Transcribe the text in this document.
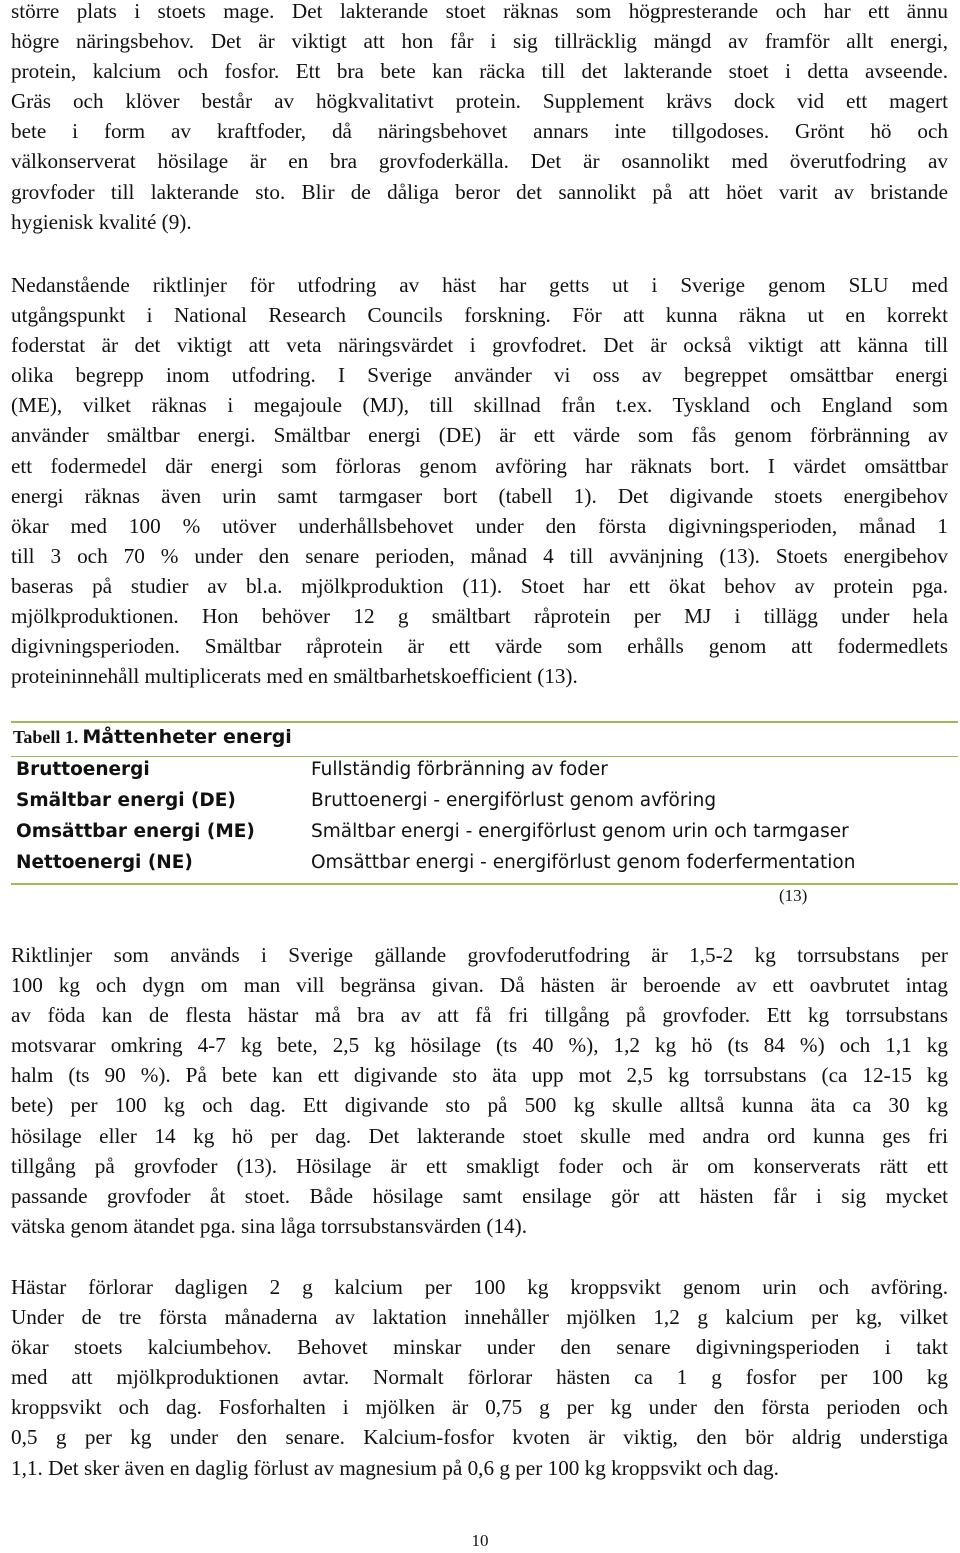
större plats i stoets mage. Det lakterande stoet räknas som högpresterande och har ett ännu
högre näringsbehov. Det är viktigt att hon får i sig tillräcklig mängd av framför allt energi,
protein, kalcium och fosfor. Ett bra bete kan räcka till det lakterande stoet i detta avseende.
Gräs och klöver består av högkvalitativt protein. Supplement krävs dock vid ett magert
bete i form av kraftfoder, då näringsbehovet annars inte tillgodoses. Grönt hö och
välkonserverat hösilage är en bra grovfoderkälla. Det är osannolikt med överutfodring av
grovfoder till lakterande sto. Blir de dåliga beror det sannolikt på att höet varit av bristande
hygienisk kvalité (9).
Nedanstående riktlinjer för utfodring av häst har getts ut i Sverige genom SLU med
utgångspunkt i National Research Councils forskning. För att kunna räkna ut en korrekt
foderstat är det viktigt att veta näringsvärdet i grovfodret. Det är också viktigt att känna till
olika begrepp inom utfodring. I Sverige använder vi oss av begreppet omsättbar energi
(ME), vilket räknas i megajoule (MJ), till skillnad från t.ex. Tyskland och England som
använder smältbar energi. Smältbar energi (DE) är ett värde som fås genom förbränning av
ett fodermedel där energi som förloras genom avföring har räknats bort. I värdet omsättbar
energi räknas även urin samt tarmgaser bort (tabell 1). Det digivande stoets energibehov
ökar med 100 % utöver underhållsbehovet under den första digivningsperioden, månad 1
till 3 och 70 % under den senare perioden, månad 4 till avvänjning (13). Stoets energibehov
baseras på studier av bl.a. mjölkproduktion (11). Stoet har ett ökat behov av protein pga.
mjölkproduktionen. Hon behöver 12 g smältbart råprotein per MJ i tillägg under hela
digivningsperioden. Smältbar råprotein är ett värde som erhålls genom att fodermedlets
proteininnehåll multiplicerats med en smältbarhetskoefficient (13).
Tabell 1. Måttenheter energi
Bruttoenergi	Fullständig förbränning av foder
Smältbar energi (DE)	Bruttoenergi - energiförlust genom avföring
Omsättbar energi (ME)	Smältbar energi - energiförlust genom urin och tarmgaser
Nettoenergi (NE)	Omsättbar energi - energiförlust genom foderfermentation
(13)
Riktlinjer som används i Sverige gällande grovfoderutfodring är 1,5-2 kg torrsubstans per
100 kg och dygn om man vill begränsa givan. Då hästen är beroende av ett oavbrutet intag
av föda kan de flesta hästar må bra av att få fri tillgång på grovfoder. Ett kg torrsubstans
motsvarar omkring 4-7 kg bete, 2,5 kg hösilage (ts 40 %), 1,2 kg hö (ts 84 %) och 1,1 kg
halm (ts 90 %). På bete kan ett digivande sto äta upp mot 2,5 kg torrsubstans (ca 12-15 kg
bete) per 100 kg och dag. Ett digivande sto på 500 kg skulle alltså kunna äta ca 30 kg
hösilage eller 14 kg hö per dag. Det lakterande stoet skulle med andra ord kunna ges fri
tillgång på grovfoder (13). Hösilage är ett smakligt foder och är om konserverats rätt ett
passande grovfoder åt stoet. Både hösilage samt ensilage gör att hästen får i sig mycket
vätska genom ätandet pga. sina låga torrsubstansvärden (14).
Hästar förlorar dagligen 2 g kalcium per 100 kg kroppsvikt genom urin och avföring.
Under de tre första månaderna av laktation innehåller mjölken 1,2 g kalcium per kg, vilket
ökar stoets kalciumbehov. Behovet minskar under den senare digivningsperioden i takt
med att mjölkproduktionen avtar. Normalt förlorar hästen ca 1 g fosfor per 100 kg
kroppsvikt och dag. Fosforhalten i mjölken är 0,75 g per kg under den första perioden och
0,5 g per kg under den senare. Kalcium-fosfor kvoten är viktig, den bör aldrig understiga
1,1. Det sker även en daglig förlust av magnesium på 0,6 g per 100 kg kroppsvikt och dag.
10
